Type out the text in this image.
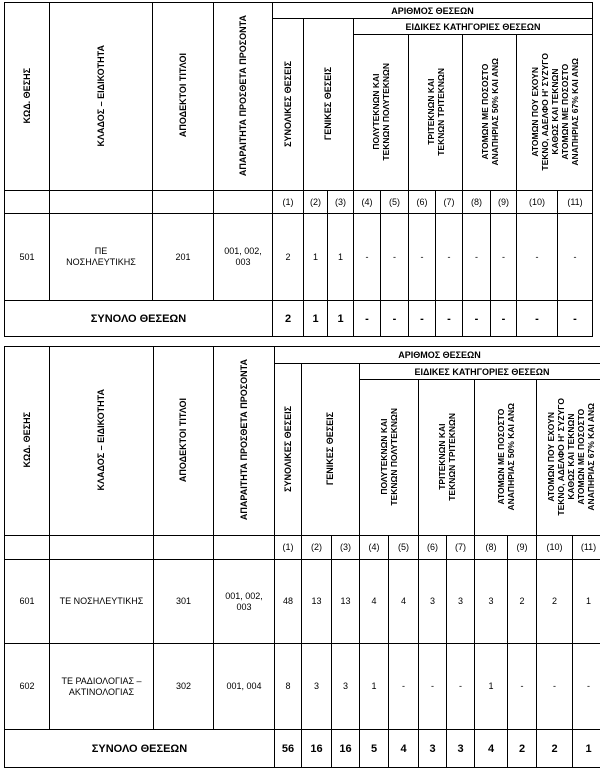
ΚΩΔ. ΘΕΣΗΣ	ΚΛΑΔΟΣ – ΕΙΔΙΚΟΤΗΤΑ	ΑΠΟΔΕΚΤΟΙ ΤΙΤΛΟΙ	ΑΠΑΡΑΙΤΗΤΑ ΠΡΟΣΘΕΤΑ ΠΡΟΣΟΝΤΑ	ΑΡΙΘΜΟΣ ΘΕΣΕΩΝ										
				ΣΥΝΟΛΙΚΕΣ ΘΕΣΕΙΣ	ΓΕΝΙΚΕΣ ΘΕΣΕΙΣ		ΕΙΔΙΚΕΣ ΚΑΤΗΓΟΡΙΕΣ ΘΕΣΕΩΝ							
							ΠΟΛΥΤΕΚΝΩΝ ΚΑΙ
ΤΕΚΝΩΝ ΠΟΛΥΤΕΚΝΩΝ		ΤΡΙΤΕΚΝΩΝ ΚΑΙ
ΤΕΚΝΩΝ ΤΡΙΤΕΚΝΩΝ		ΑΤΟΜΩΝ ΜΕ ΠΟΣΟΣΤΟ
ΑΝΑΠΗΡΙΑΣ 50% ΚΑΙ ΑΝΩ		ΑΤΟΜΩΝ ΠΟΥ ΕΧΟΥΝ
ΤΕΚΝΟ, ΑΔΕΛΦΟ Η' ΣΥΖΥΓΟ
ΚΑΘΩΣ ΚΑΙ ΤΕΚΝΩΝ
ΑΤΟΜΩΝ ΜΕ ΠΟΣΟΣΤΟ
ΑΝΑΠΗΡΙΑΣ 67% ΚΑΙ ΑΝΩ	
				(1)	(2)	(3)	(4)	(5)	(6)	(7)	(8)	(9)	(10)	(11)
501	ΠΕ
ΝΟΣΗΛΕΥΤΙΚΗΣ	201	001, 002,
003	2	1	1	-	-	-	-	-	-	-	-
ΣΥΝΟΛΟ ΘΕΣΕΩΝ				2	1	1	-	-	-	-	-	-	-	-
ΚΩΔ. ΘΕΣΗΣ	ΚΛΑΔΟΣ – ΕΙΔΙΚΟΤΗΤΑ	ΑΠΟΔΕΚΤΟΙ ΤΙΤΛΟΙ	ΑΠΑΡΑΙΤΗΤΑ ΠΡΟΣΘΕΤΑ ΠΡΟΣΟΝΤΑ	ΑΡΙΘΜΟΣ ΘΕΣΕΩΝ										
				ΣΥΝΟΛΙΚΕΣ ΘΕΣΕΙΣ	ΓΕΝΙΚΕΣ ΘΕΣΕΙΣ		ΕΙΔΙΚΕΣ ΚΑΤΗΓΟΡΙΕΣ ΘΕΣΕΩΝ							
							ΠΟΛΥΤΕΚΝΩΝ ΚΑΙ
ΤΕΚΝΩΝ ΠΟΛΥΤΕΚΝΩΝ		ΤΡΙΤΕΚΝΩΝ ΚΑΙ
ΤΕΚΝΩΝ ΤΡΙΤΕΚΝΩΝ		ΑΤΟΜΩΝ ΜΕ ΠΟΣΟΣΤΟ
ΑΝΑΠΗΡΙΑΣ 50% ΚΑΙ ΑΝΩ		ΑΤΟΜΩΝ ΠΟΥ ΕΧΟΥΝ
ΤΕΚΝΟ, ΑΔΕΛΦΟ Η' ΣΥΖΥΓΟ
ΚΑΘΩΣ ΚΑΙ ΤΕΚΝΩΝ
ΑΤΟΜΩΝ ΜΕ ΠΟΣΟΣΤΟ
ΑΝΑΠΗΡΙΑΣ 67% ΚΑΙ ΑΝΩ	
				(1)	(2)	(3)	(4)	(5)	(6)	(7)	(8)	(9)	(10)	(11)
601	ΤΕ ΝΟΣΗΛΕΥΤΙΚΗΣ	301	001, 002,
003	48	13	13	4	4	3	3	3	2	2	1
602	ΤΕ ΡΑΔΙΟΛΟΓΙΑΣ –
ΑΚΤΙΝΟΛΟΓΙΑΣ	302	001, 004	8	3	3	1	-	-	-	1	-	-	-
ΣΥΝΟΛΟ ΘΕΣΕΩΝ				56	16	16	5	4	3	3	4	2	2	1
